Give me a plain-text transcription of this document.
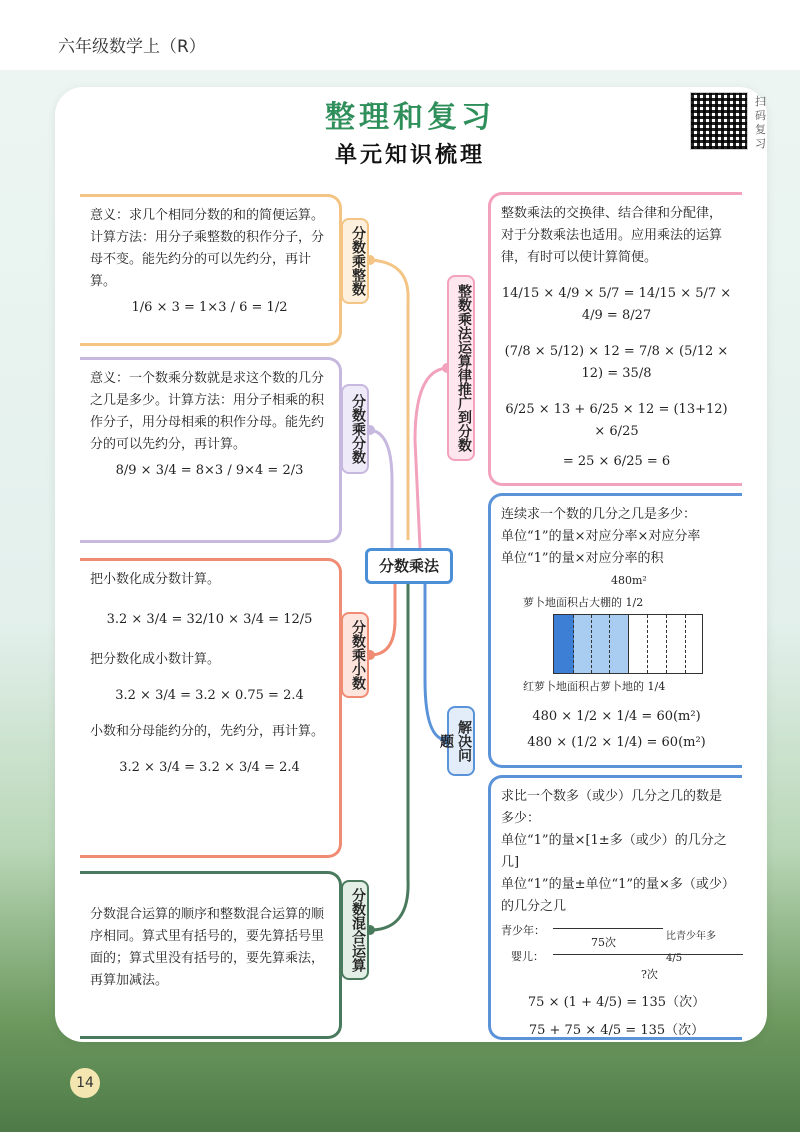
六年级数学上（R）
整理和复习
单元知识梳理
扫码复习
意义：求几个相同分数的和的简便运算。计算方法：用分子乘整数的积作分子，分母不变。能先约分的可以先约分，再计算。
1/6 × 3 = 1×3 / 6 = 1/2
意义：一个数乘分数就是求这个数的几分之几是多少。计算方法：用分子相乘的积作分子，用分母相乘的积作分母。能先约分的可以先约分，再计算。
8/9 × 3/4 = 8×3 / 9×4 = 2/3
把小数化成分数计算。
3.2 × 3/4 = 32/10 × 3/4 = 12/5
把分数化成小数计算。
3.2 × 3/4 = 3.2 × 0.75 = 2.4
小数和分母能约分的，先约分，再计算。
3.2 × 3/4 = 3.2 × 3/4 = 2.4
分数混合运算的顺序和整数混合运算的顺序相同。算式里有括号的，要先算括号里面的；算式里没有括号的，要先算乘法，再算加减法。
分数乘整数
分数乘分数
分数乘小数
分数混合运算
整数乘法运算律推广到分数
解决问题
分数乘法
整数乘法的交换律、结合律和分配律，对于分数乘法也适用。应用乘法的运算律，有时可以使计算简便。
14/15 × 4/9 × 5/7 = 14/15 × 5/7 × 4/9 = 8/27
(7/8 × 5/12) × 12 = 7/8 × (5/12 × 12) = 35/8
6/25 × 13 + 6/25 × 12 = (13+12) × 6/25
= 25 × 6/25 = 6
连续求一个数的几分之几是多少：
单位“1”的量×对应分率×对应分率
单位“1”的量×对应分率的积
480m²
萝卜地面积占大棚的 1/2
红萝卜地面积占萝卜地的 1/4
480 × 1/2 × 1/4 = 60(m²)
480 × (1/2 × 1/4) = 60(m²)
求比一个数多（或少）几分之几的数是多少：
单位“1”的量×[1±多（或少）的几分之几]
单位“1”的量±单位“1”的量×多（或少）的几分之几
青少年：
75次	比青少年多 4/5
婴儿：
?次
75 × (1 + 4/5) = 135（次）
75 + 75 × 4/5 = 135（次）
14
